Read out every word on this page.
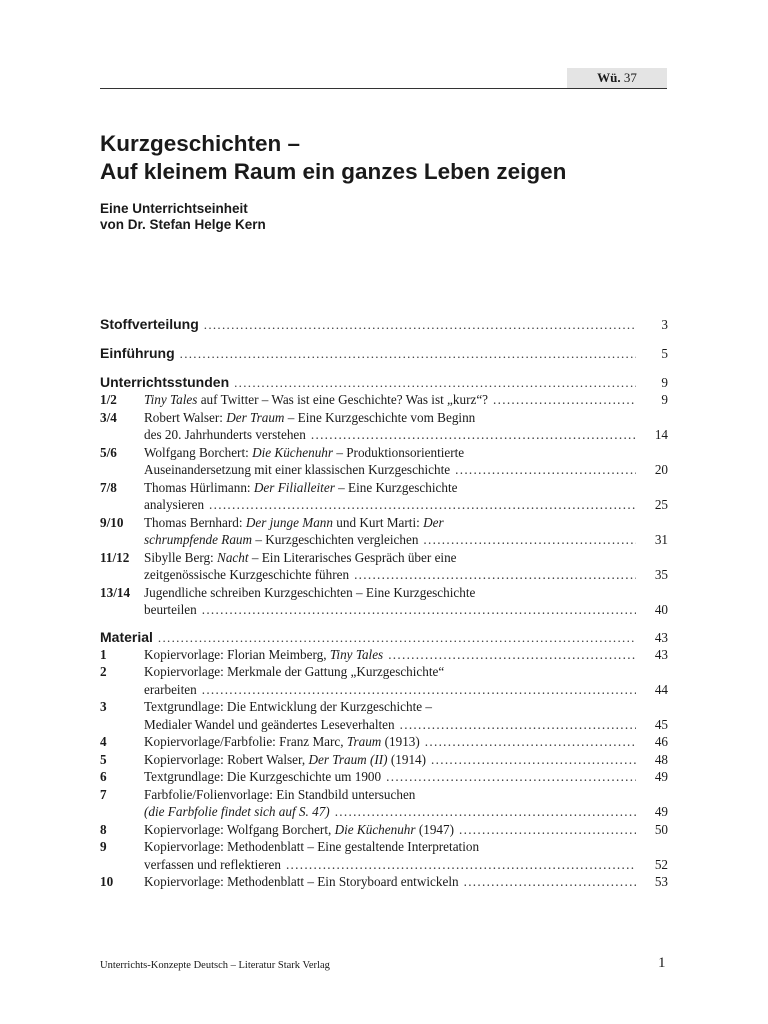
Wü. 37
Kurzgeschichten –
Auf kleinem Raum ein ganzes Leben zeigen
Eine Unterrichtseinheit
von Dr. Stefan Helge Kern
Stoffverteilung .....	3
Einführung .....	5
Unterrichtsstunden .....	9
1/2 Tiny Tales auf Twitter – Was ist eine Geschichte? Was ist „kurz“? .....	9
3/4 Robert Walser: Der Traum – Eine Kurzgeschichte vom Beginn
des 20. Jahrhunderts verstehen .....	14
5/6 Wolfgang Borchert: Die Küchenuhr – Produktionsorientierte
Auseinandersetzung mit einer klassischen Kurzgeschichte .....	20
7/8 Thomas Hürlimann: Der Filialleiter – Eine Kurzgeschichte
analysieren .....	25
9/10 Thomas Bernhard: Der junge Mann und Kurt Marti: Der
schrumpfende Raum – Kurzgeschichten vergleichen .....	31
11/12 Sibylle Berg: Nacht – Ein Literarisches Gespräch über eine
zeitgenössische Kurzgeschichte führen .....	35
13/14 Jugendliche schreiben Kurzgeschichten – Eine Kurzgeschichte
beurteilen .....	40
Material .....	43
1	Kopiervorlage: Florian Meimberg, Tiny Tales .....	43
2	Kopiervorlage: Merkmale der Gattung „Kurzgeschichte“
erarbeiten .....	44
3	Textgrundlage: Die Entwicklung der Kurzgeschichte –
Medialer Wandel und geändertes Leseverhalten .....	45
4	Kopiervorlage/Farbfolie: Franz Marc, Traum (1913) .....	46
5	Kopiervorlage: Robert Walser, Der Traum (II) (1914) .....	48
6	Textgrundlage: Die Kurzgeschichte um 1900 .....	49
7	Farbfolie/Folienvorlage: Ein Standbild untersuchen
(die Farbfolie findet sich auf S. 47) .....	49
8	Kopiervorlage: Wolfgang Borchert, Die Küchenuhr (1947) .....	50
9	Kopiervorlage: Methodenblatt – Eine gestaltende Interpretation
verfassen und reflektieren .....	52
10 Kopiervorlage: Methodenblatt – Ein Storyboard entwickeln .....	53
Unterrichts-Konzepte Deutsch – Literatur Stark Verlag	1
